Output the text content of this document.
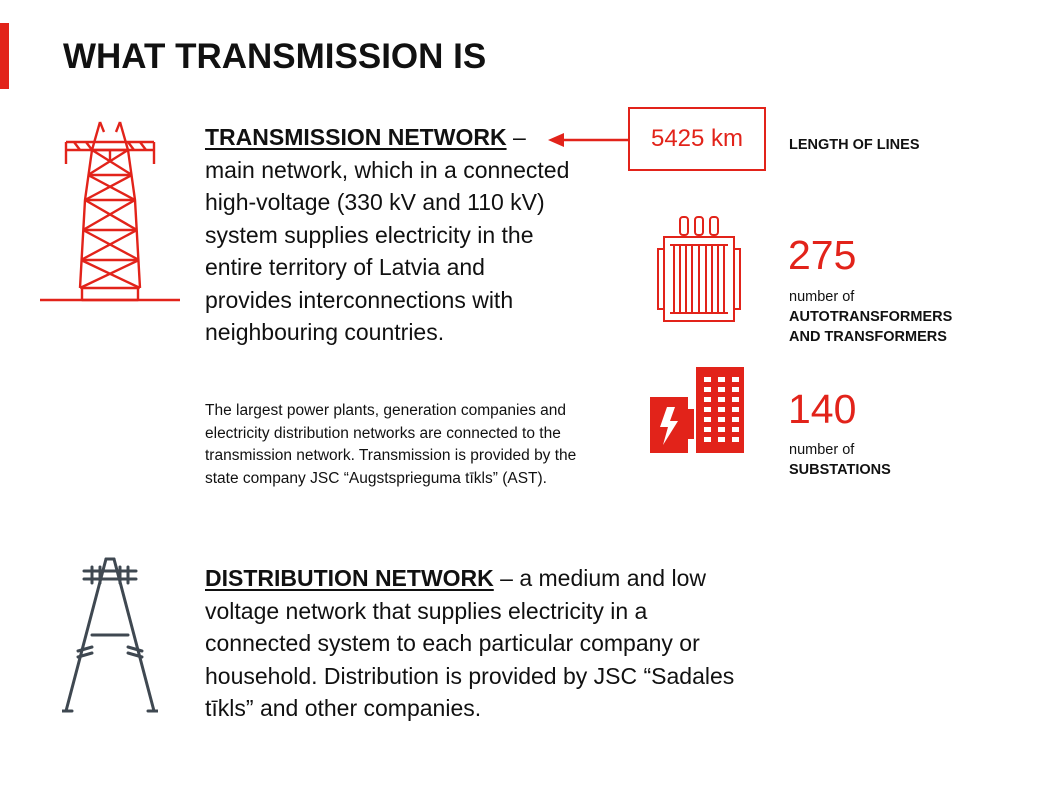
WHAT TRANSMISSION IS
TRANSMISSION NETWORK – main network, which in a connected high-voltage (330 kV and 110 kV) system supplies electricity in the entire territory of Latvia and provides interconnections with neighbouring countries.
The largest power plants, generation companies and electricity distribution networks are connected to the transmission network. Transmission is provided by the state company JSC “Augstsprieguma tīkls” (AST).
5425 km	LENGTH OF LINES
275
number of
AUTOTRANSFORMERS
AND TRANSFORMERS
140
number of
SUBSTATIONS
DISTRIBUTION NETWORK – a medium and low voltage network that supplies electricity in a connected system to each particular company or household. Distribution is provided by JSC “Sadales tīkls” and other companies.
